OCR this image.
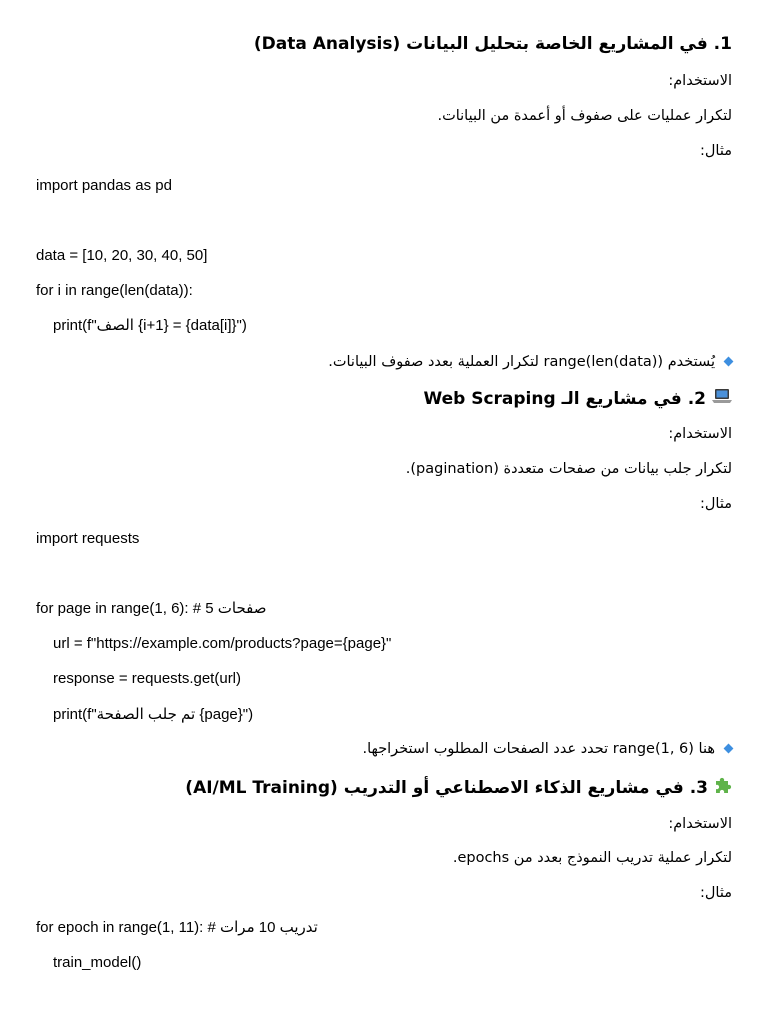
1. في المشاريع الخاصة بتحليل البيانات (Data Analysis)
الاستخدام:
لتكرار عمليات على صفوف أو أعمدة من البيانات.
مثال:
import pandas as pd
data = [10, 20, 30, 40, 50]
for i in range(len(data)):
print(f"الصف {i+1} = {data[i]}")
يُستخدم range(len(data)) لتكرار العملية بعدد صفوف البيانات.
2. في مشاريع الـ Web Scraping
الاستخدام:
لتكرار جلب بيانات من صفحات متعددة (pagination).
مثال:
import requests
for page in range(1, 6): # 5 صفحات
url = f"https://example.com/products?page={page}"
response = requests.get(url)
print(f"تم جلب الصفحة {page}")
هنا range(1, 6) تحدد عدد الصفحات المطلوب استخراجها.
3. في مشاريع الذكاء الاصطناعي أو التدريب (AI/ML Training)
الاستخدام:
لتكرار عملية تدريب النموذج بعدد من epochs.
مثال:
for epoch in range(1, 11): # تدريب 10 مرات
train_model()
